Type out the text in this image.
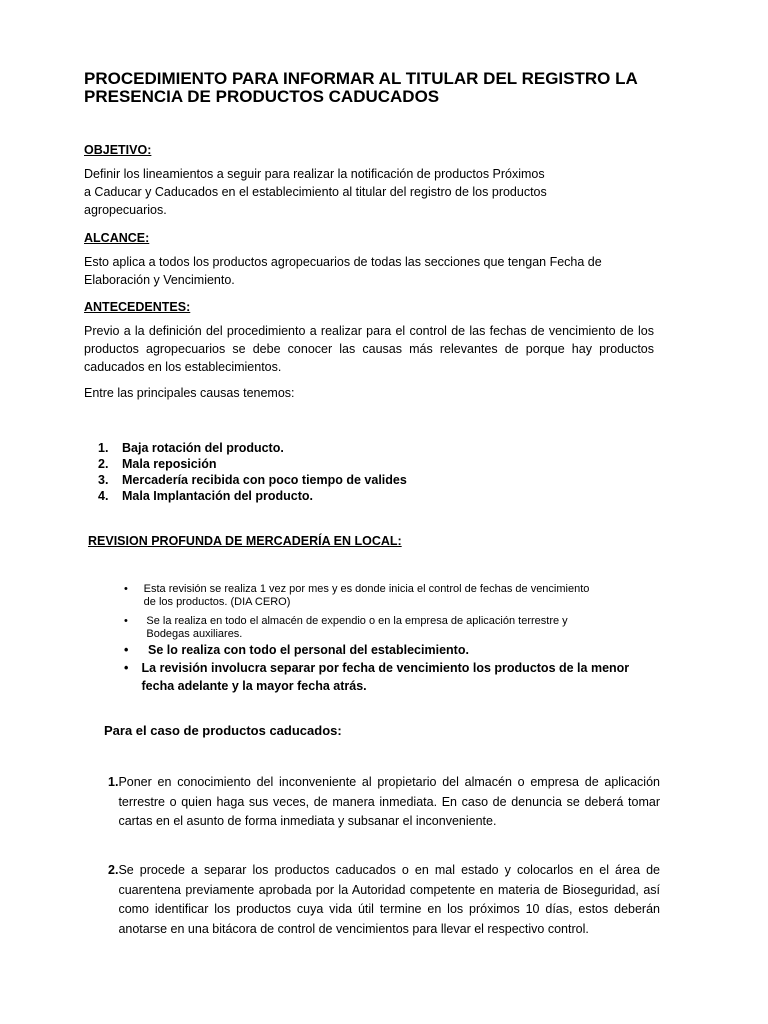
PROCEDIMIENTO PARA INFORMAR AL TITULAR DEL REGISTRO LA PRESENCIA DE PRODUCTOS CADUCADOS
OBJETIVO:
Definir los lineamientos a seguir para realizar la notificación de productos Próximos a Caducar y Caducados en el establecimiento al titular del registro de los productos agropecuarios.
ALCANCE:
Esto aplica a todos los productos agropecuarios de todas las secciones que tengan Fecha de Elaboración y Vencimiento.
ANTECEDENTES:
Previo a la definición del procedimiento a realizar para el control de las fechas de vencimiento de los productos agropecuarios se debe conocer las causas más relevantes de porque hay productos caducados en los establecimientos.
Entre las principales causas tenemos:
1.	Baja rotación del producto.
2.	Mala reposición
3.	Mercadería recibida con poco tiempo de valides
4.	Mala Implantación del producto.
REVISION PROFUNDA DE MERCADERÍA EN LOCAL:
•	Esta revisión se realiza 1 vez por mes y es donde inicia el control de fechas de vencimiento de los productos. (DIA CERO)
•	Se la realiza en todo el almacén de expendio o en la empresa de aplicación terrestre y Bodegas auxiliares.
•	Se lo realiza con todo el personal del establecimiento.
•	La revisión involucra separar por fecha de vencimiento los productos de la menor fecha adelante y la mayor fecha atrás.
Para el caso de productos caducados:
1. Poner en conocimiento del inconveniente al propietario del almacén o empresa de aplicación terrestre o quien haga sus veces, de manera inmediata. En caso de denuncia se deberá tomar cartas en el asunto de forma inmediata y subsanar el inconveniente.
2. Se procede a separar los productos caducados o en mal estado y colocarlos en el área de cuarentena previamente aprobada por la Autoridad competente en materia de Bioseguridad, así como identificar los productos cuya vida útil termine en los próximos 10 días, estos deberán anotarse en una bitácora de control de vencimientos para llevar el respectivo control.
